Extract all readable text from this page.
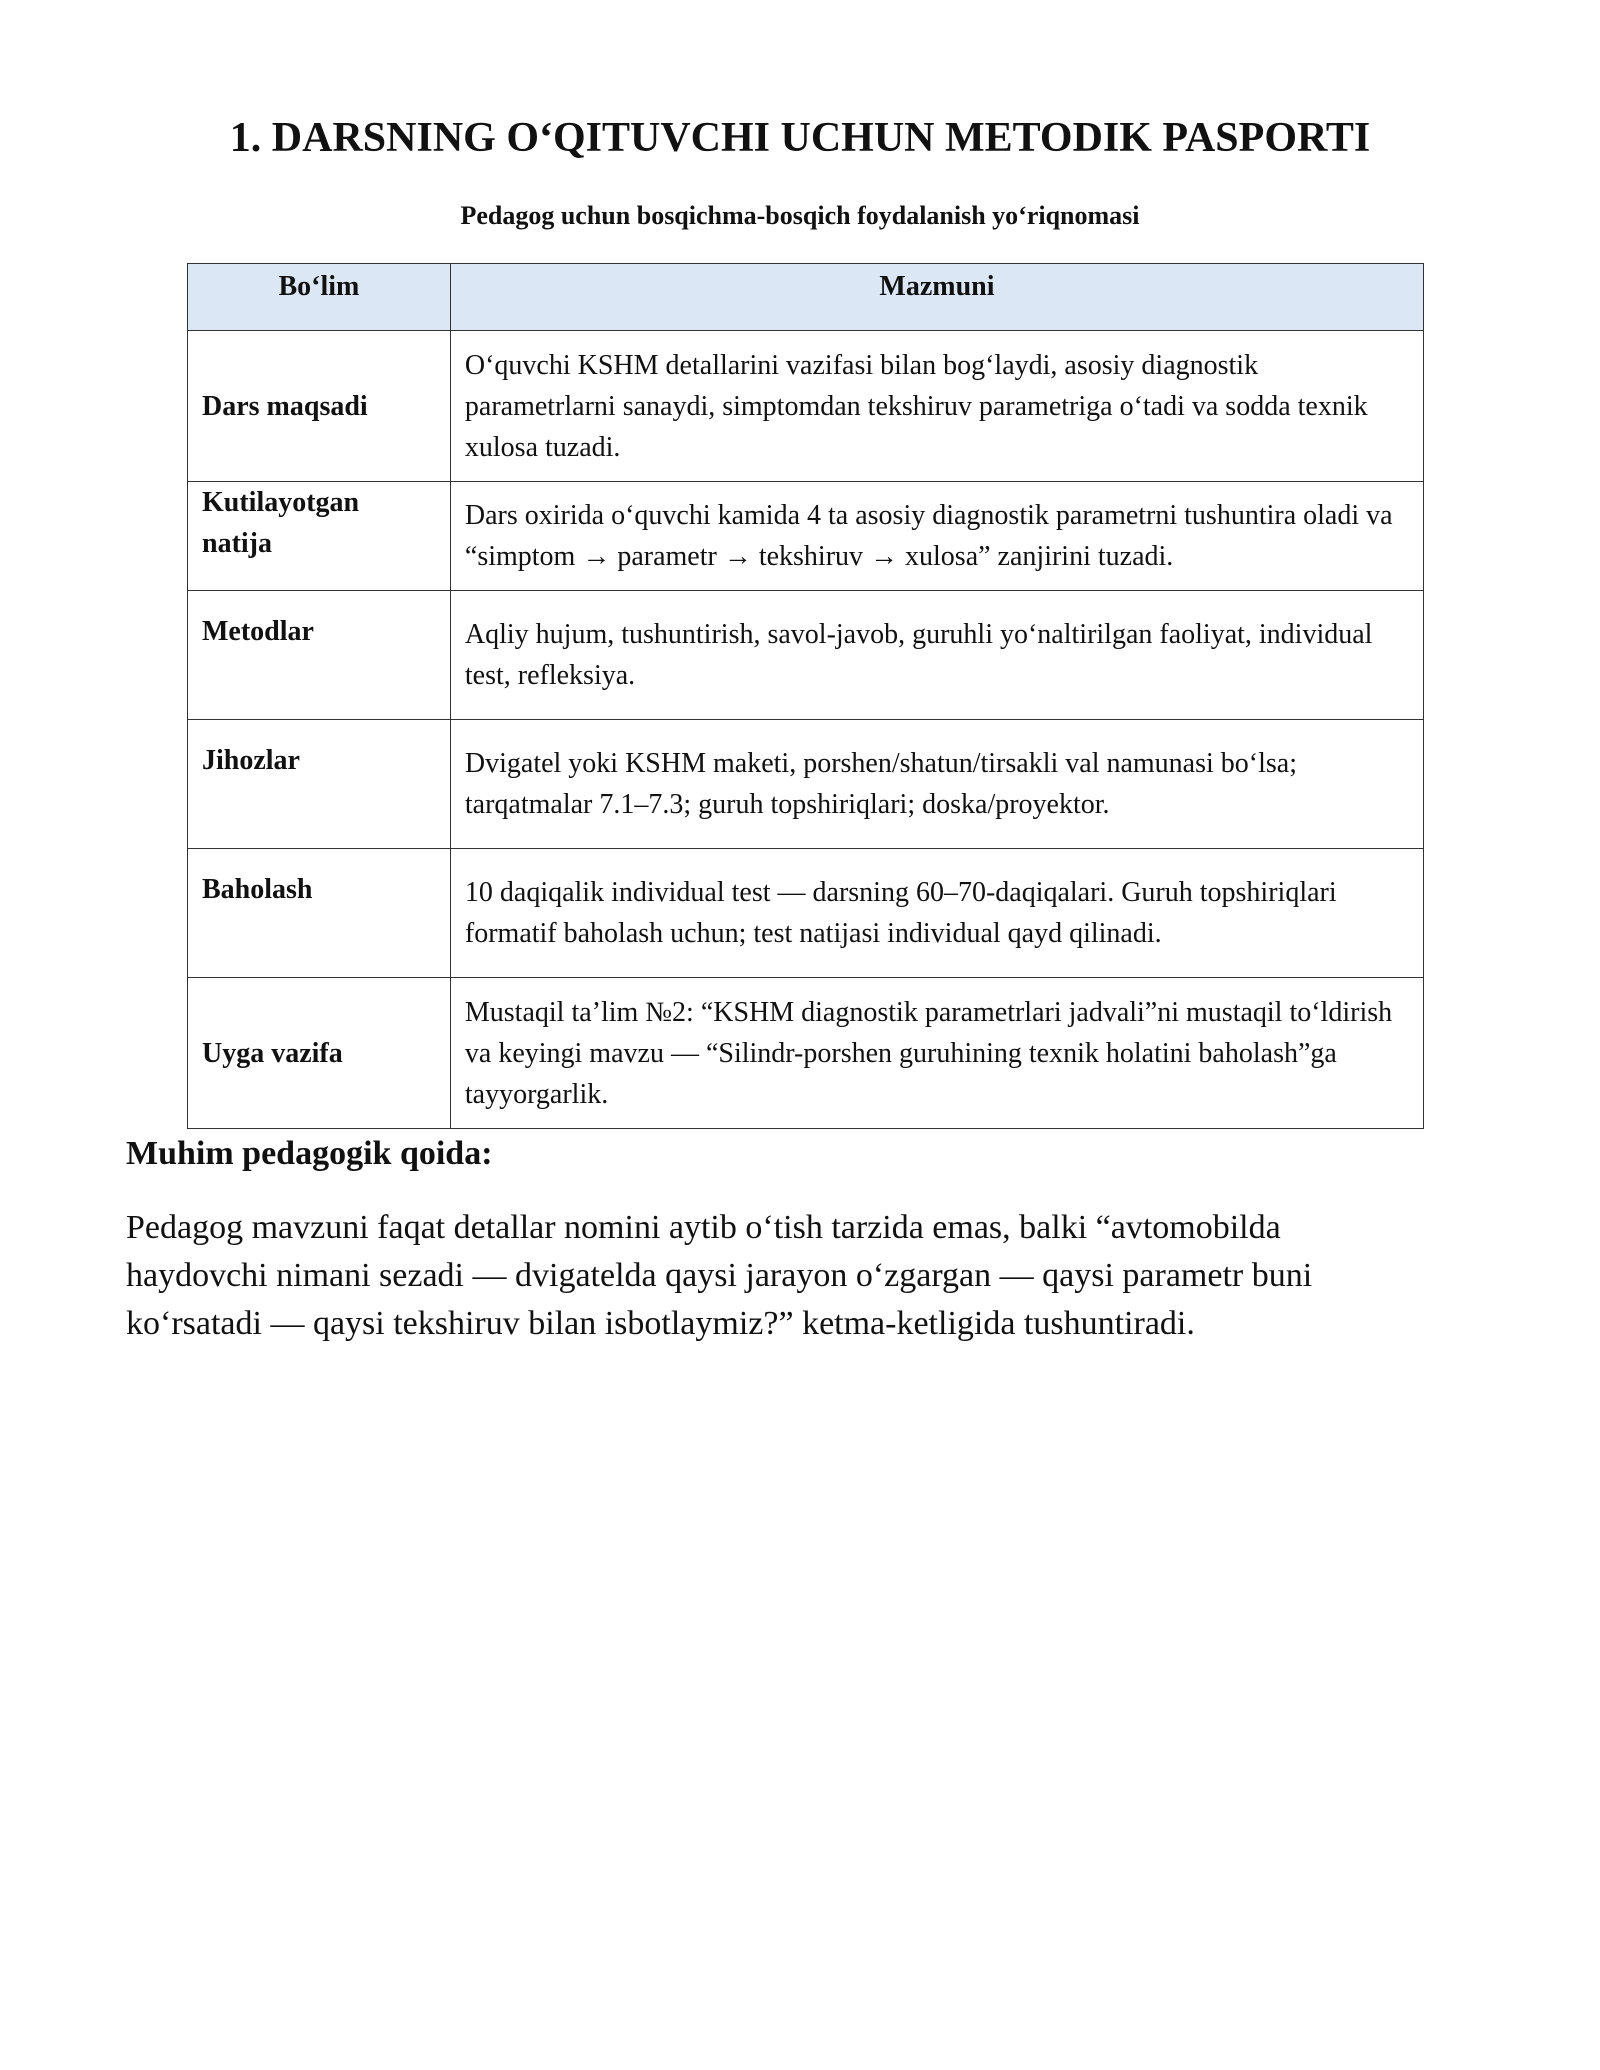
1. DARSNING O‘QITUVCHI UCHUN METODIK PASPORTI

Pedagog uchun bosqichma-bosqich foydalanish yo‘riqnomasi

Bo‘lim	Mazmuni

Dars maqsadi	O‘quvchi KSHM detallarini vazifasi bilan bog‘laydi, asosiy diagnostik parametrlarni sanaydi, simptomdan tekshiruv parametriga o‘tadi va sodda texnik xulosa tuzadi.
Kutilayotgan natija	Dars oxirida o‘quvchi kamida 4 ta asosiy diagnostik parametrni tushuntira oladi va “simptom → parametr → tekshiruv → xulosa” zanjirini tuzadi.
Metodlar	Aqliy hujum, tushuntirish, savol-javob, guruhli yo‘naltirilgan faoliyat, individual test, refleksiya.
Jihozlar	Dvigatel yoki KSHM maketi, porshen/shatun/tirsakli val namunasi bo‘lsa; tarqatmalar 7.1–7.3; guruh topshiriqlari; doska/proyektor.
Baholash	10 daqiqalik individual test — darsning 60–70-daqiqalari. Guruh topshiriqlari formatif baholash uchun; test natijasi individual qayd qilinadi.
Uyga vazifa	Mustaqil ta’lim №2: “KSHM diagnostik parametrlari jadvali”ni mustaqil to‘ldirish va keyingi mavzu — “Silindr-porshen guruhining texnik holatini baholash”ga tayyorgarlik.
Muhim pedagogik qoida:

Pedagog mavzuni faqat detallar nomini aytib o‘tish tarzida emas, balki “avtomobilda haydovchi nimani sezadi — dvigatelda qaysi jarayon o‘zgargan — qaysi parametr buni ko‘rsatadi — qaysi tekshiruv bilan isbotlaymiz?” ketma-ketligida tushuntiradi.
